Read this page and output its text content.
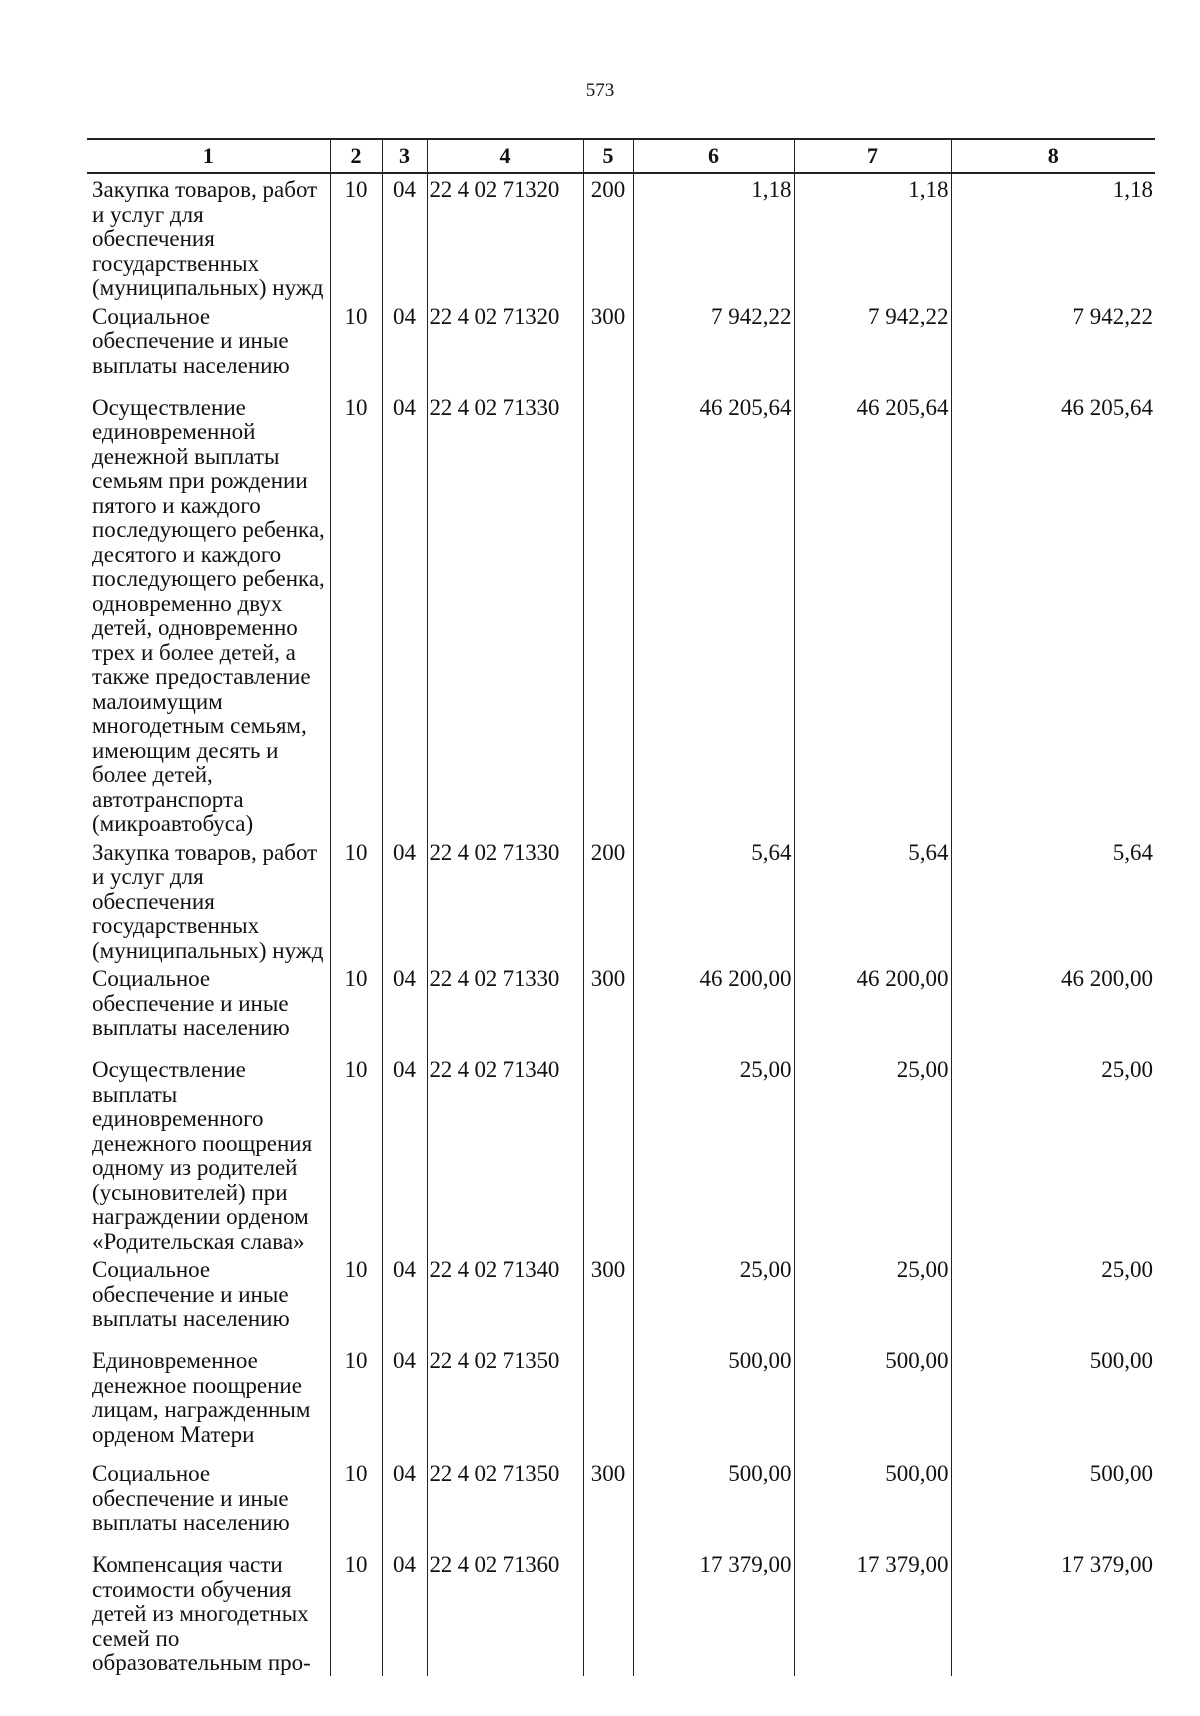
573
1	2	3	4	5	6	7	8
Закупка товаров, работ и услуг для обеспечения государственных (муниципальных) нужд	10	04	22 4 02 71320	200	1,18	1,18	1,18
Социальное обеспечение и иные выплаты населению	10	04	22 4 02 71320	300	7 942,22	7 942,22	7 942,22
Осуществление единовременной денежной выплаты семьям при рождении пятого и каждого последующего ребенка, десятого и каждого последующего ребенка, одновременно двух детей, одновременно трех и более детей, а также предоставление малоимущим многодетным семьям, имеющим десять и более детей, автотранспорта (микроавтобуса)	10	04	22 4 02 71330		46 205,64	46 205,64	46 205,64
Закупка товаров, работ и услуг для обеспечения государственных (муниципальных) нужд	10	04	22 4 02 71330	200	5,64	5,64	5,64
Социальное обеспечение и иные выплаты населению	10	04	22 4 02 71330	300	46 200,00	46 200,00	46 200,00
Осуществление выплаты единовременного денежного поощрения одному из родителей (усыновителей) при награждении орденом «Родительская слава»	10	04	22 4 02 71340		25,00	25,00	25,00
Социальное обеспечение и иные выплаты населению	10	04	22 4 02 71340	300	25,00	25,00	25,00
Единовременное денежное поощрение лицам, награжденным орденом Матери	10	04	22 4 02 71350		500,00	500,00	500,00
Социальное обеспечение и иные выплаты населению	10	04	22 4 02 71350	300	500,00	500,00	500,00
Компенсация части стоимости обучения детей из многодетных семей по образовательным про-	10	04	22 4 02 71360		17 379,00	17 379,00	17 379,00
